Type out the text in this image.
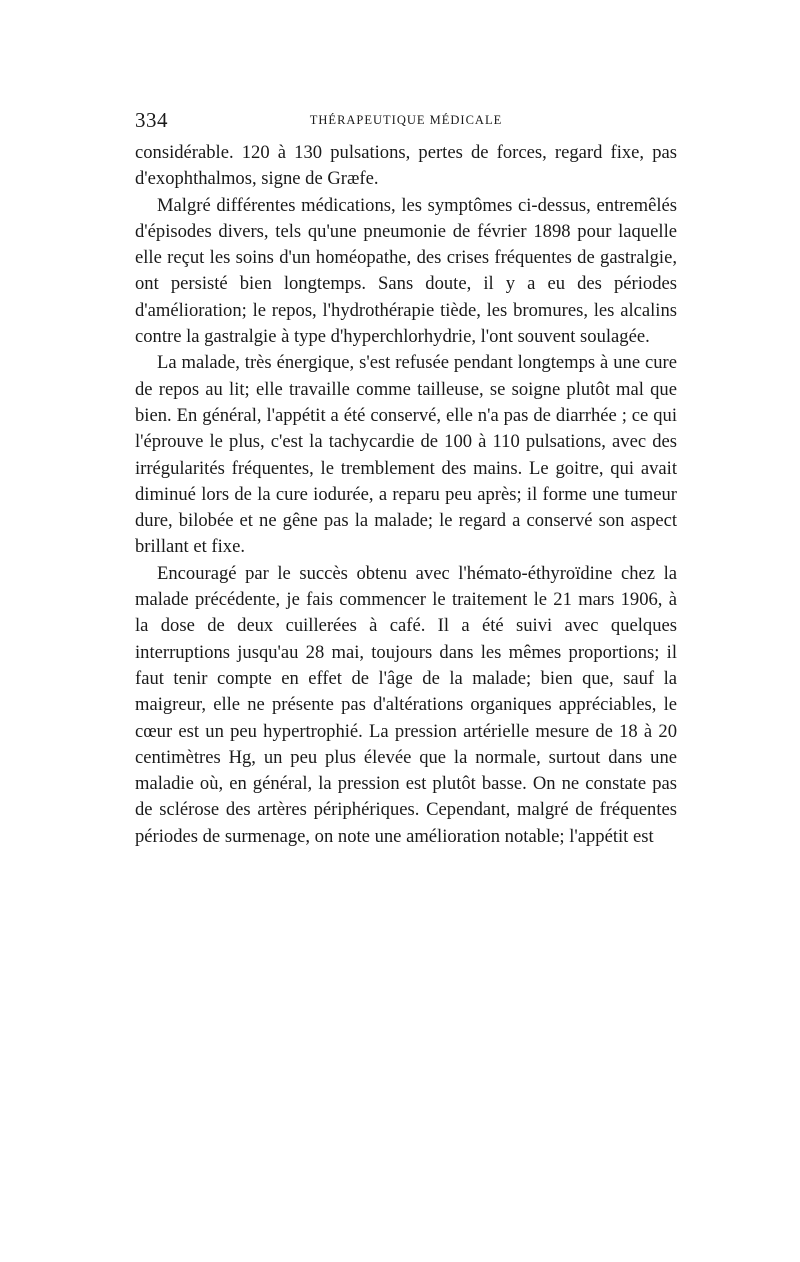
334	THÉRAPEUTIQUE MÉDICALE

considérable. 120 à 130 pulsations, pertes de forces, regard fixe, pas d'exophthalmos, signe de Græfe.

Malgré différentes médications, les symptômes ci-dessus, entremêlés d'épisodes divers, tels qu'une pneumonie de février 1898 pour laquelle elle reçut les soins d'un homéopathe, des crises fréquentes de gastralgie, ont persisté bien longtemps. Sans doute, il y a eu des périodes d'amélioration; le repos, l'hydrothérapie tiède, les bromures, les alcalins contre la gastralgie à type d'hyperchlorhydrie, l'ont souvent soulagée.

La malade, très énergique, s'est refusée pendant longtemps à une cure de repos au lit; elle travaille comme tailleuse, se soigne plutôt mal que bien. En général, l'appétit a été conservé, elle n'a pas de diarrhée ; ce qui l'éprouve le plus, c'est la tachycardie de 100 à 110 pulsations, avec des irrégularités fréquentes, le tremblement des mains. Le goitre, qui avait diminué lors de la cure iodurée, a reparu peu après; il forme une tumeur dure, bilobée et ne gêne pas la malade; le regard a conservé son aspect brillant et fixe.

Encouragé par le succès obtenu avec l'hémato-éthyroïdine chez la malade précédente, je fais commencer le traitement le 21 mars 1906, à la dose de deux cuillerées à café. Il a été suivi avec quelques interruptions jusqu'au 28 mai, toujours dans les mêmes proportions; il faut tenir compte en effet de l'âge de la malade; bien que, sauf la maigreur, elle ne présente pas d'altérations organiques appréciables, le cœur est un peu hypertrophié. La pression artérielle mesure de 18 à 20 centimètres Hg, un peu plus élevée que la normale, surtout dans une maladie où, en général, la pression est plutôt basse. On ne constate pas de sclérose des artères périphériques. Cependant, malgré de fréquentes périodes de surmenage, on note une amélioration notable; l'appétit est
